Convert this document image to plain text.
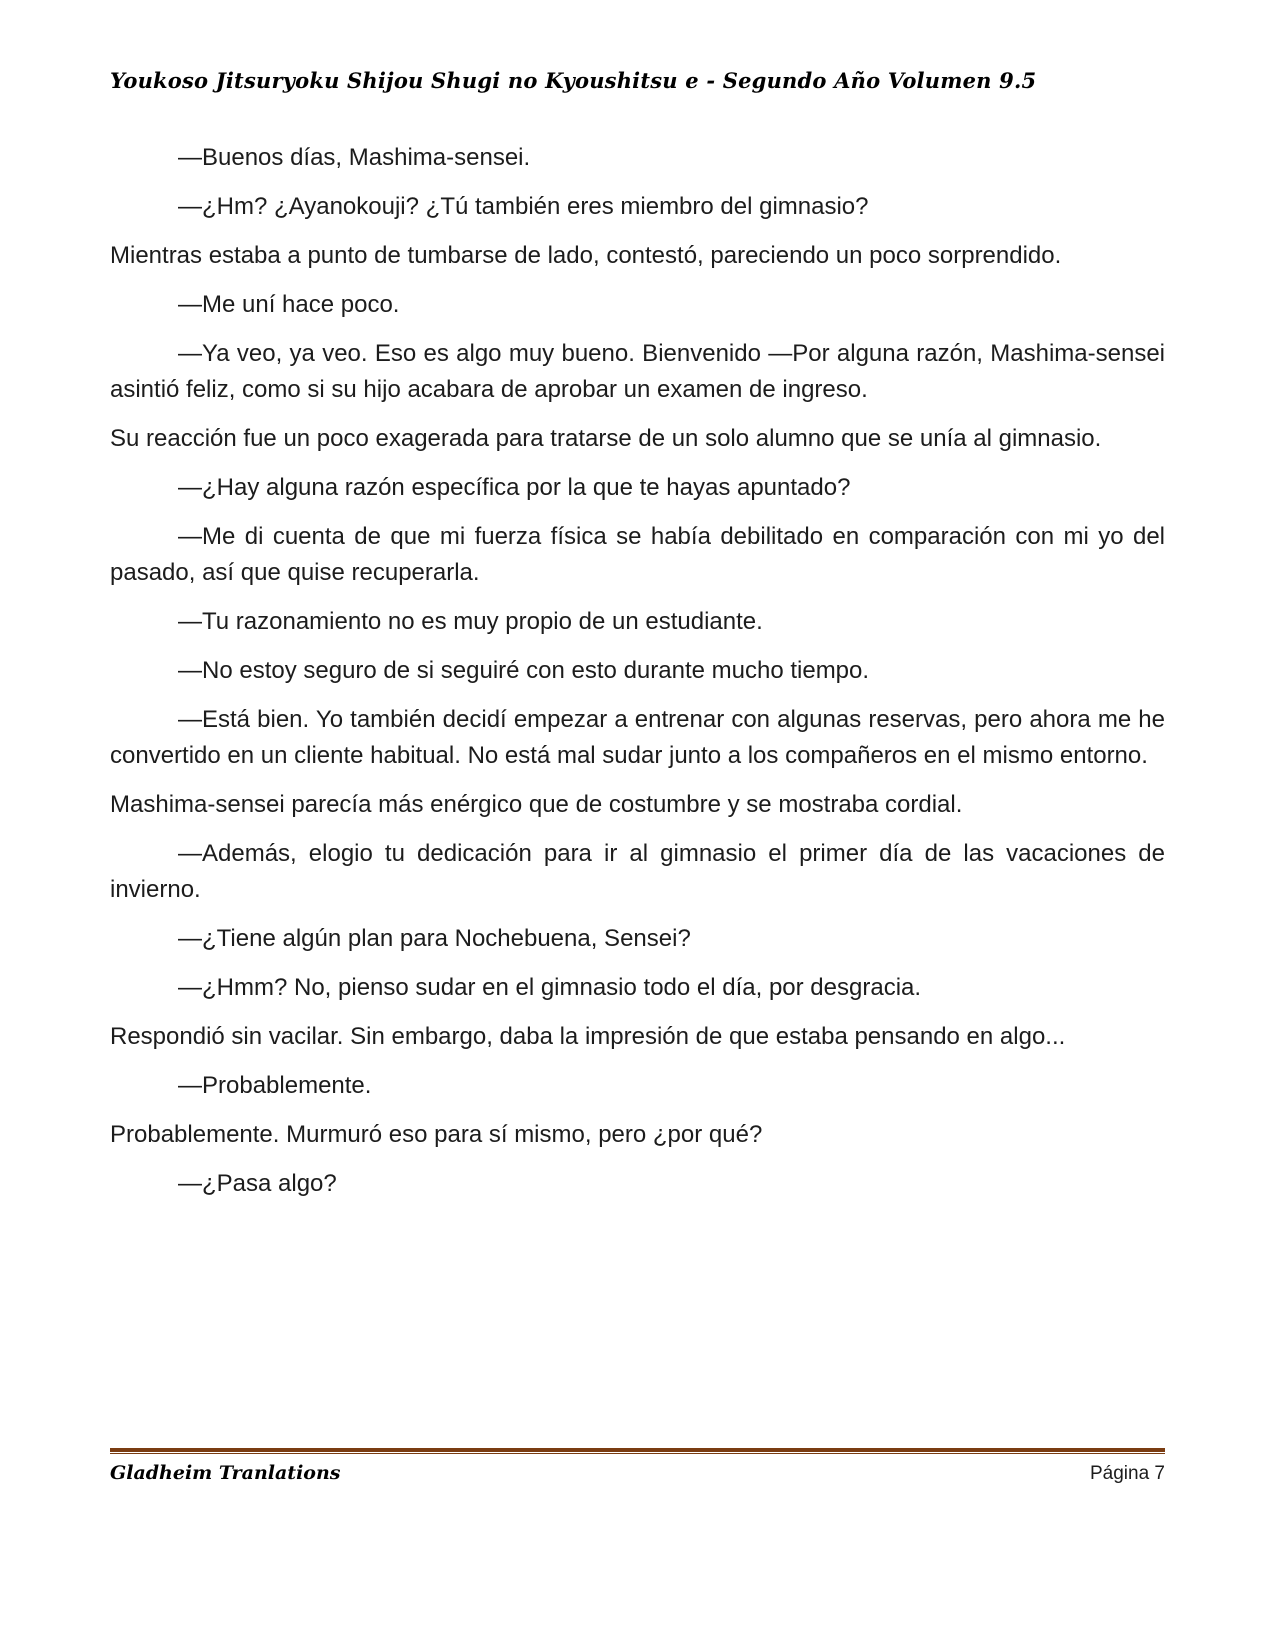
Youkoso Jitsuryoku Shijou Shugi no Kyoushitsu e - Segundo Año Volumen 9.5

—Buenos días, Mashima-sensei.

—¿Hm? ¿Ayanokouji? ¿Tú también eres miembro del gimnasio?

Mientras estaba a punto de tumbarse de lado, contestó, pareciendo un poco sorprendido.

—Me uní hace poco.

—Ya veo, ya veo. Eso es algo muy bueno. Bienvenido —Por alguna razón, Mashima-sensei asintió feliz, como si su hijo acabara de aprobar un examen de ingreso.

Su reacción fue un poco exagerada para tratarse de un solo alumno que se unía al gimnasio.

—¿Hay alguna razón específica por la que te hayas apuntado?

—Me di cuenta de que mi fuerza física se había debilitado en comparación con mi yo del pasado, así que quise recuperarla.

—Tu razonamiento no es muy propio de un estudiante.

—No estoy seguro de si seguiré con esto durante mucho tiempo.

—Está bien. Yo también decidí empezar a entrenar con algunas reservas, pero ahora me he convertido en un cliente habitual. No está mal sudar junto a los compañeros en el mismo entorno.

Mashima-sensei parecía más enérgico que de costumbre y se mostraba cordial.

—Además, elogio tu dedicación para ir al gimnasio el primer día de las vacaciones de invierno.

—¿Tiene algún plan para Nochebuena, Sensei?

—¿Hmm? No, pienso sudar en el gimnasio todo el día, por desgracia.

Respondió sin vacilar. Sin embargo, daba la impresión de que estaba pensando en algo...

—Probablemente.

Probablemente. Murmuró eso para sí mismo, pero ¿por qué?

—¿Pasa algo?

Gladheim Tranlations	Página 7
